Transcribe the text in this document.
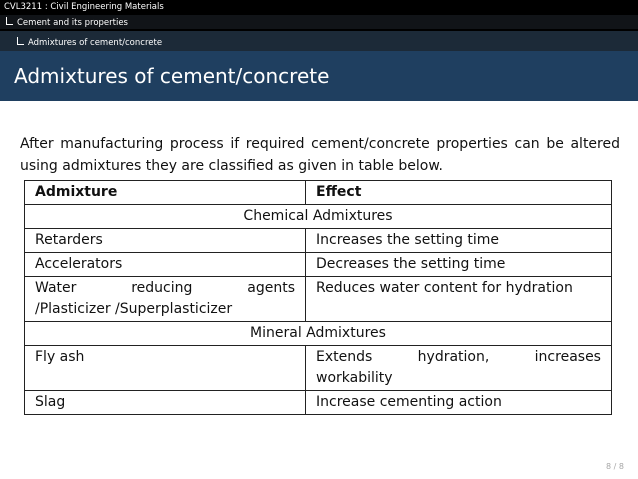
CVL3211 : Civil Engineering Materials
Cement and its properties
Admixtures of cement/concrete
Admixtures of cement/concrete
After manufacturing process if required cement/concrete properties can be altered using admixtures they are classified as given in table below.
Admixture	Effect
Chemical Admixtures	
Retarders	Increases the setting time
Accelerators	Decreases the setting time

Water reducing agents
/Plasticizer /Superplasticizer	Reduces water content for hydration
Mineral Admixtures	
Fly ash	Extends hydration, increases
workability

Slag	Increase cementing action
8 / 8
